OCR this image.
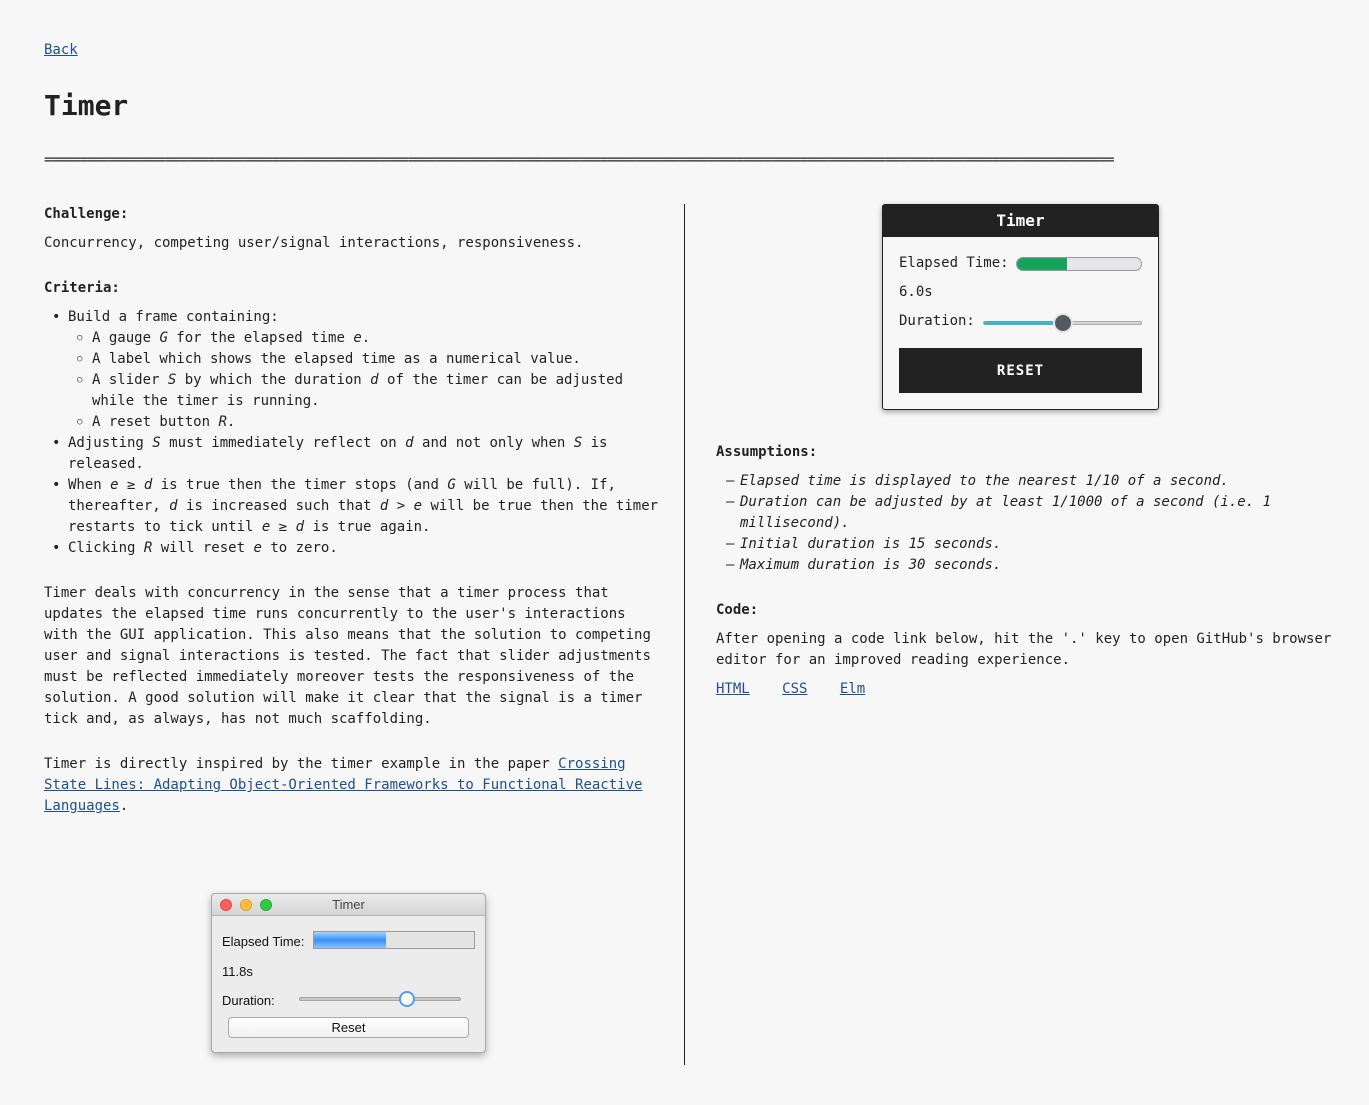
Back
Timer
======================================================================================================================================================
Challenge:
Concurrency, competing user/signal interactions, responsiveness.
Criteria:
• Build a frame containing:
○ A gauge G for the elapsed time e.
○ A label which shows the elapsed time as a numerical value.
○ A slider S by which the duration d of the timer can be adjusted while the timer is running.
○ A reset button R.
• Adjusting S must immediately reflect on d and not only when S is released.
• When e ≥ d is true then the timer stops (and G will be full). If, thereafter, d is increased such that d > e will be true then the timer restarts to tick until e ≥ d is true again.
• Clicking R will reset e to zero.

Timer deals with concurrency in the sense that a timer process that updates the elapsed time runs concurrently to the user's interactions with the GUI application. This also means that the solution to competing user and signal interactions is tested. The fact that slider adjustments must be reflected immediately moreover tests the responsiveness of the solution. A good solution will make it clear that the signal is a timer tick and, as always, has not much scaffolding.

Timer is directly inspired by the timer example in the paper Crossing State Lines: Adapting Object-Oriented Frameworks to Functional Reactive Languages.

Timer
Elapsed Time:
11.8s
Duration:
Reset
Timer
Elapsed Time:
6.0s
Duration:
RESET
Assumptions:
– Elapsed time is displayed to the nearest 1/10 of a second.
– Duration can be adjusted by at least 1/1000 of a second (i.e. 1 millisecond).
– Initial duration is 15 seconds.
– Maximum duration is 30 seconds.
Code:

After opening a code link below, hit the '.' key to open GitHub's browser editor for an improved reading experience.

HTML CSS Elm
